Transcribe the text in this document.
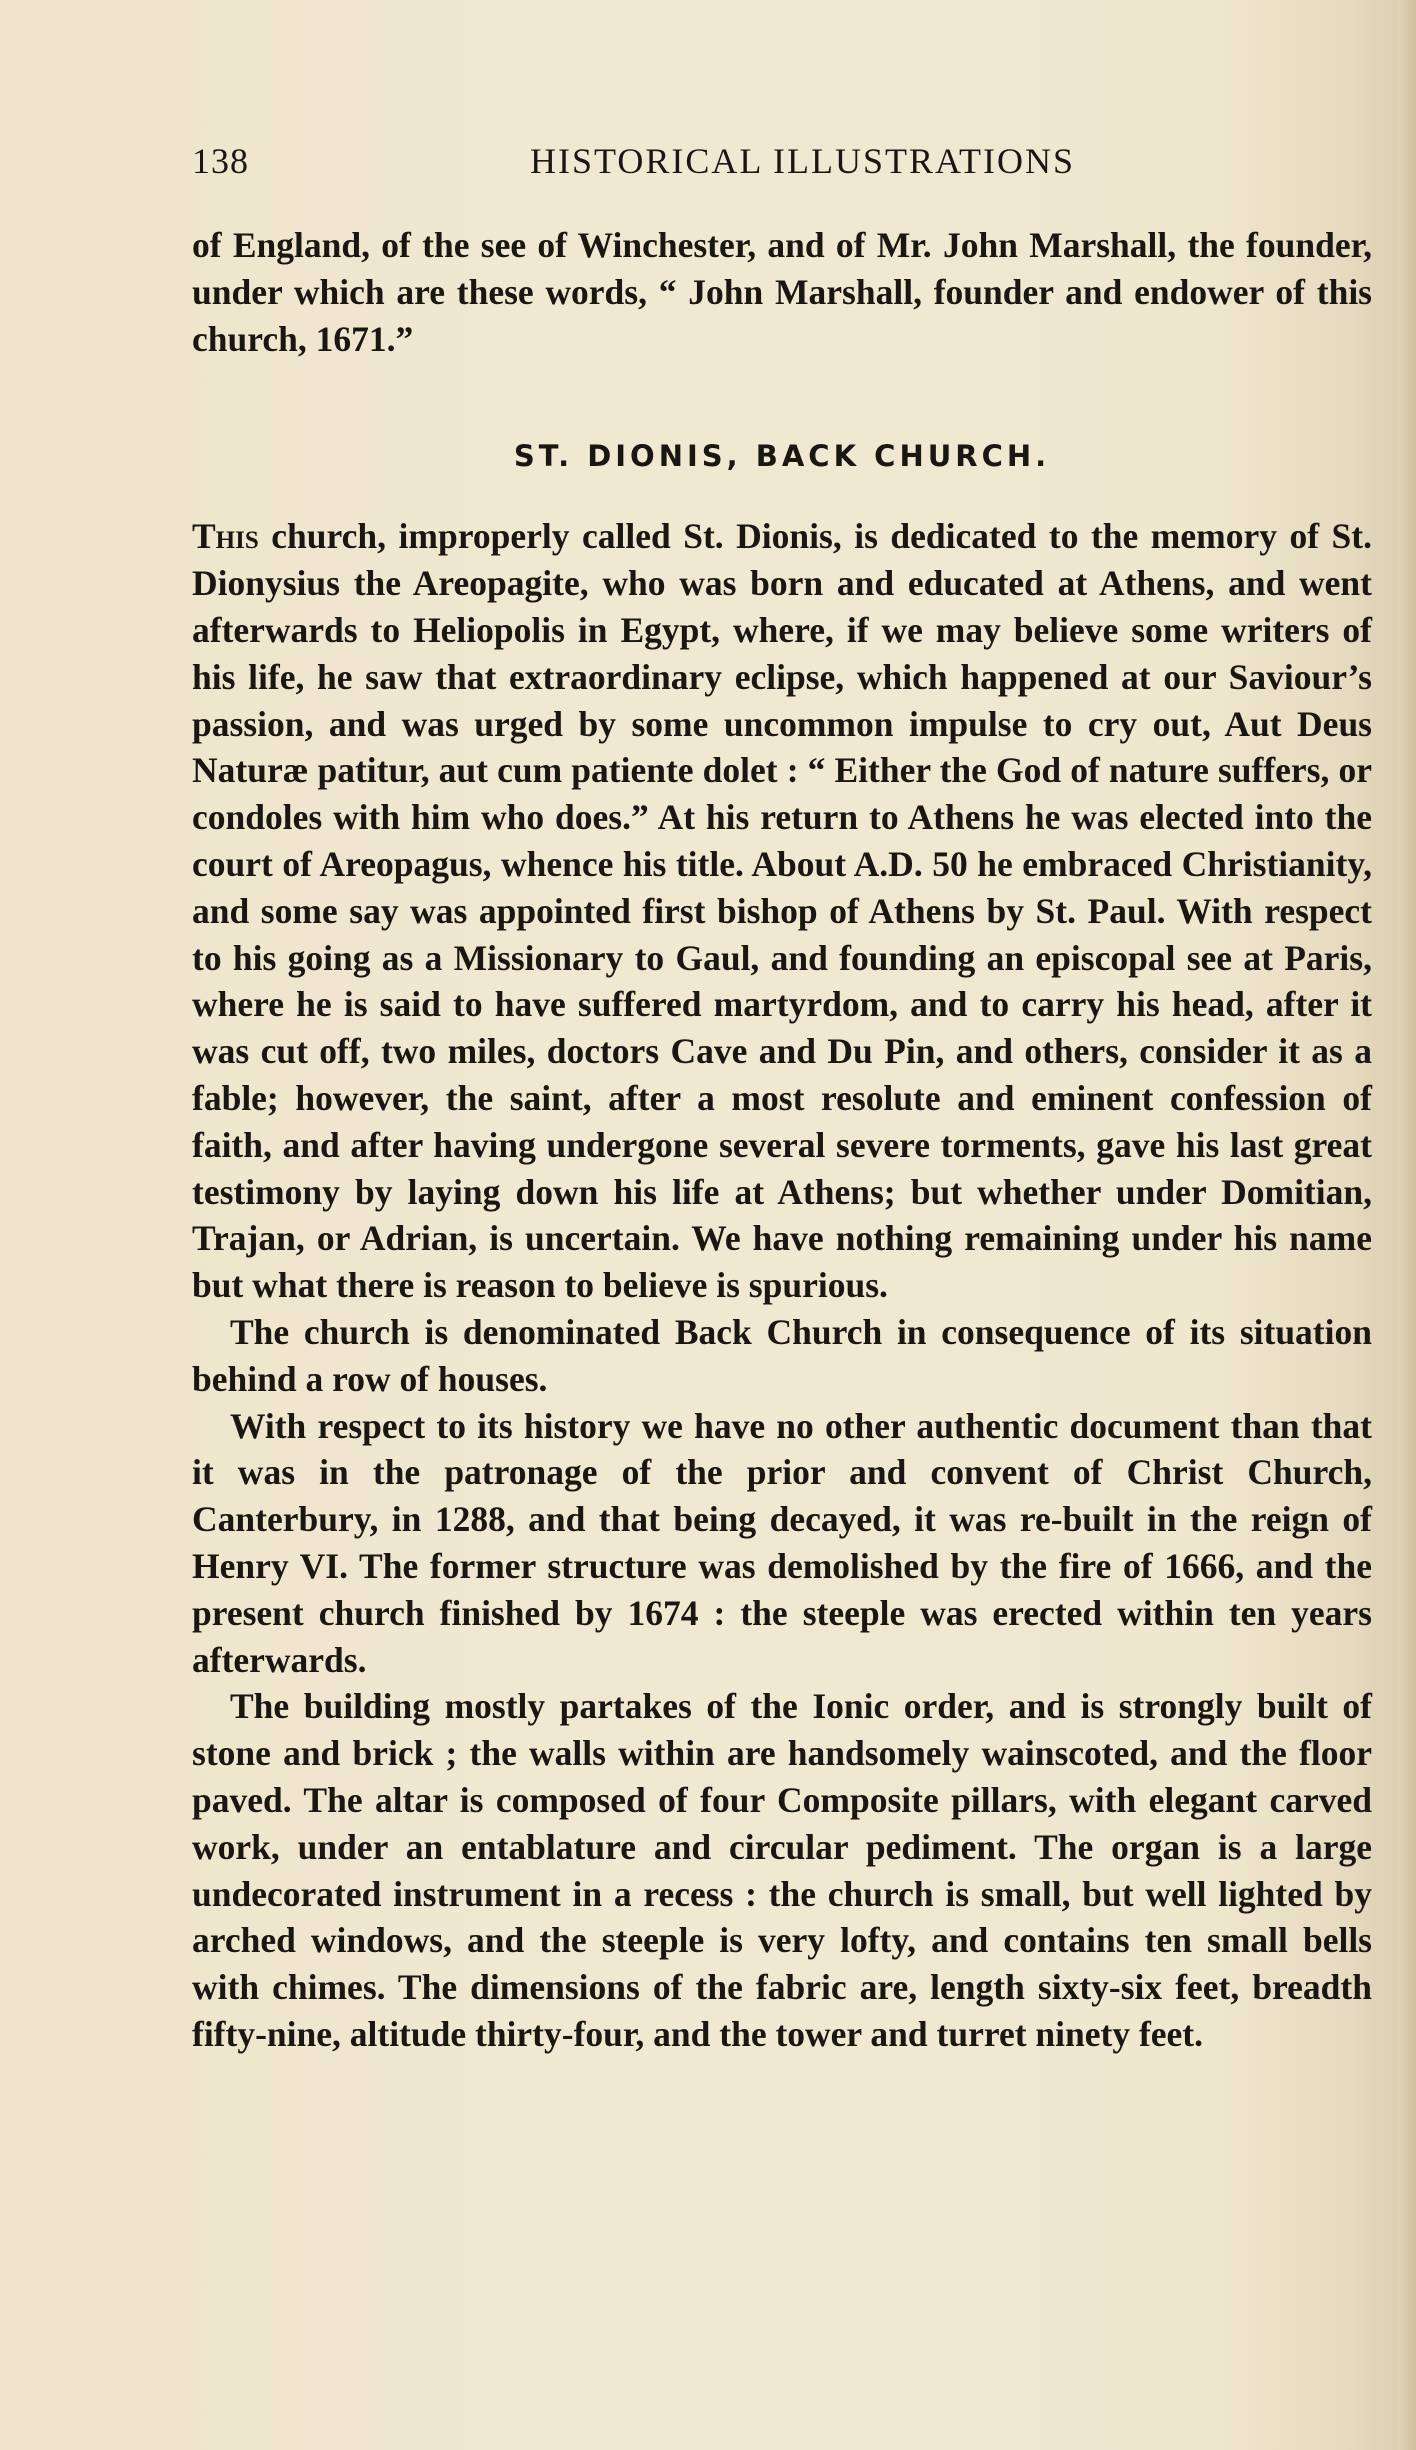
138	HISTORICAL ILLUSTRATIONS

of England, of the see of Winchester, and of Mr. John Marshall, the founder, under which are these words, “ John Marshall, founder and endower of this church, 1671.”

ST. DIONIS, BACK CHURCH.

This church, improperly called St. Dionis, is dedicated to the memory of St. Dionysius the Areopagite, who was born and educated at Athens, and went afterwards to Heliopolis in Egypt, where, if we may believe some writers of his life, he saw that extraordinary eclipse, which happened at our Saviour’s passion, and was urged by some uncommon impulse to cry out, Aut Deus Naturæ patitur, aut cum patiente dolet : “ Either the God of nature suffers, or condoles with him who does.” At his return to Athens he was elected into the court of Areopagus, whence his title. About A.D. 50 he embraced Christianity, and some say was appointed first bishop of Athens by St. Paul. With respect to his going as a Missionary to Gaul, and founding an episcopal see at Paris, where he is said to have suffered martyrdom, and to carry his head, after it was cut off, two miles, doctors Cave and Du Pin, and others, consider it as a fable; however, the saint, after a most resolute and eminent confession of faith, and after having undergone several severe torments, gave his last great testimony by laying down his life at Athens; but whether under Domitian, Trajan, or Adrian, is uncertain. We have nothing remaining under his name but what there is reason to believe is spurious.

The church is denominated Back Church in consequence of its situation behind a row of houses.

With respect to its history we have no other authentic document than that it was in the patronage of the prior and convent of Christ Church, Canterbury, in 1288, and that being decayed, it was re-built in the reign of Henry VI. The former structure was demolished by the fire of 1666, and the present church finished by 1674 : the steeple was erected within ten years afterwards.

The building mostly partakes of the Ionic order, and is strongly built of stone and brick ; the walls within are handsomely wainscoted, and the floor paved. The altar is composed of four Composite pillars, with elegant carved work, under an entablature and circular pediment. The organ is a large undecorated instrument in a recess : the church is small, but well lighted by arched windows, and the steeple is very lofty, and contains ten small bells with chimes. The dimensions of the fabric are, length sixty-six feet, breadth fifty-nine, altitude thirty-four, and the tower and turret ninety feet.
